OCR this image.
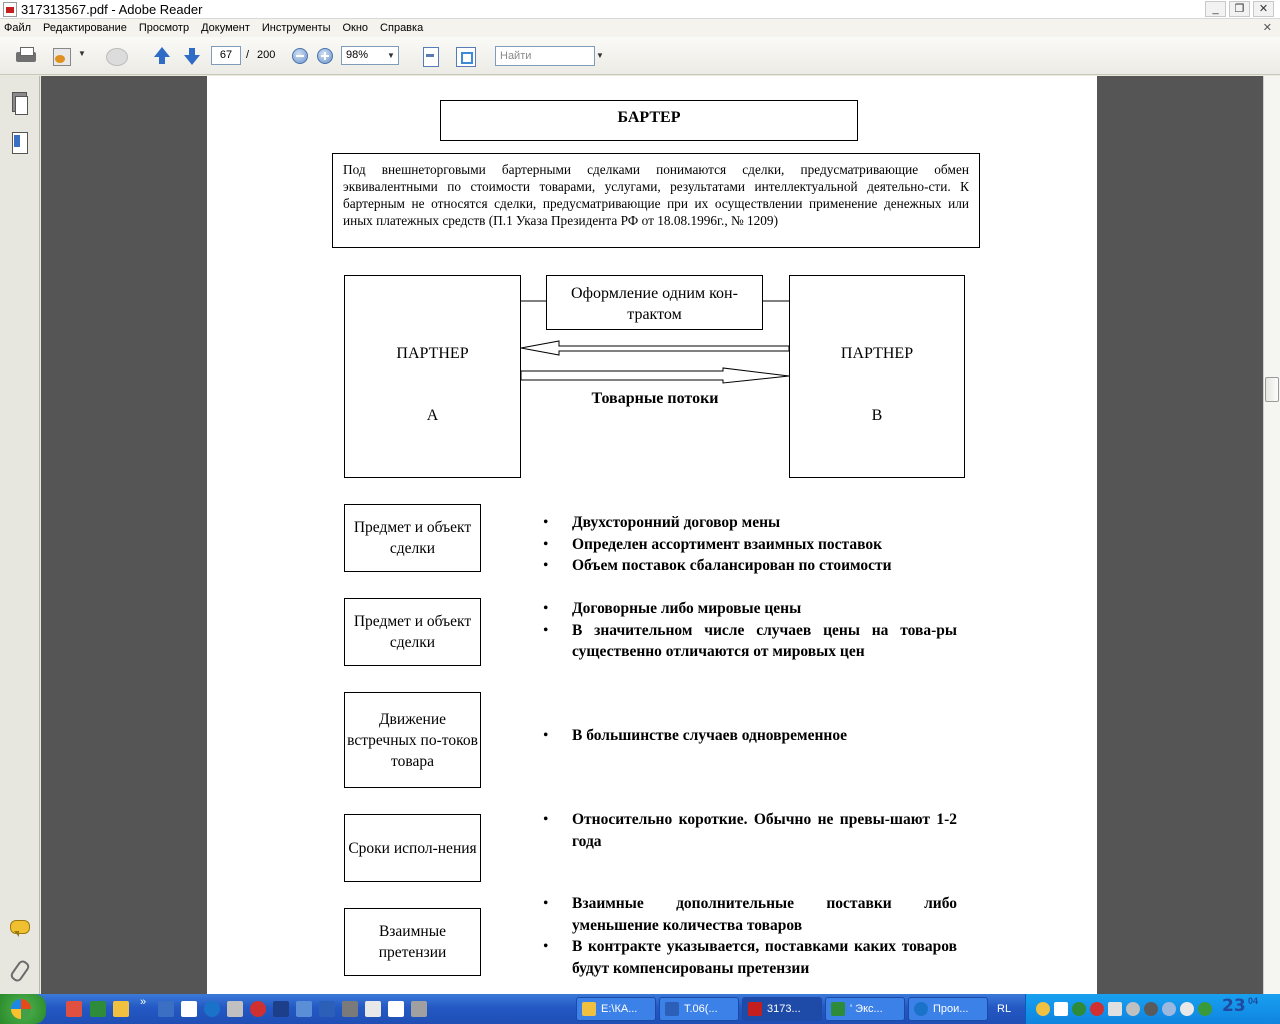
317313567.pdf - Adobe Reader	_	❐	✕
Файл Редактирование Просмотр Документ Инструменты Окно Справка	✕
▼	67	/ 200	98% ▼	Найти	▼
БАРТЕР
Под внешнеторговыми бартерными сделками понимаются сделки, предусматривающие обмен эквивалентными по стоимости товарами, услугами, результатами интеллектуальной деятельно-сти. К бартерным не относятся сделки, предусматривающие при их осуществлении применение денежных или иных платежных средств (П.1 Указа Президента РФ от 18.08.1996г., № 1209)
ПАРТНЕР
А
Оформление одним кон-трактом
ПАРТНЕР
В
Товарные потоки
Предмет и объект сделки
• Двухсторонний договор мены
• Определен ассортимент взаимных поставок
• Объем поставок сбалансирован по стоимости
Предмет и объект сделки
• Договорные либо мировые цены
• В значительном числе случаев цены на това-ры существенно отличаются от мировых цен
Движение встречных по-токов товара
• В большинстве случаев одновременное
Сроки испол-нения
• Относительно короткие. Обычно не превы-шают 1-2 года
Взаимные претензии
• Взаимные дополнительные поставки либо уменьшение количества товаров
• В контракте указывается, поставками каких товаров будут компенсированы претензии
»
E:\КА...	Т.06(...	3173...	' Экс...	Прои...	RL	23 04
